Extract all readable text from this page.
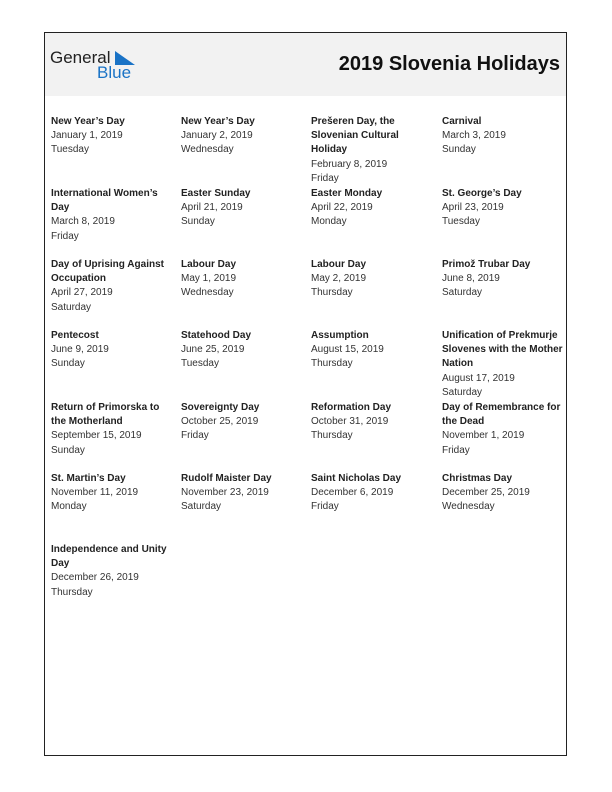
General
Blue	2019 Slovenia Holidays
New Year’s Day
January 1, 2019
Tuesday
New Year’s Day
January 2, 2019
Wednesday
Prešeren Day, the Slovenian Cultural Holiday
February 8, 2019
Friday
Carnival
March 3, 2019
Sunday
International Women’s Day
March 8, 2019
Friday
Easter Sunday
April 21, 2019
Sunday
Easter Monday
April 22, 2019
Monday
St. George’s Day
April 23, 2019
Tuesday
Day of Uprising Against Occupation
April 27, 2019
Saturday
Labour Day
May 1, 2019
Wednesday
Labour Day
May 2, 2019
Thursday
Primož Trubar Day
June 8, 2019
Saturday
Pentecost
June 9, 2019
Sunday
Statehood Day
June 25, 2019
Tuesday
Assumption
August 15, 2019
Thursday
Unification of Prekmurje Slovenes with the Mother Nation
August 17, 2019
Saturday
Return of Primorska to the Motherland
September 15, 2019
Sunday
Sovereignty Day
October 25, 2019
Friday
Reformation Day
October 31, 2019
Thursday
Day of Remembrance for the Dead
November 1, 2019
Friday
St. Martin’s Day
November 11, 2019
Monday
Rudolf Maister Day
November 23, 2019
Saturday
Saint Nicholas Day
December 6, 2019
Friday
Christmas Day
December 25, 2019
Wednesday
Independence and Unity Day
December 26, 2019
Thursday
